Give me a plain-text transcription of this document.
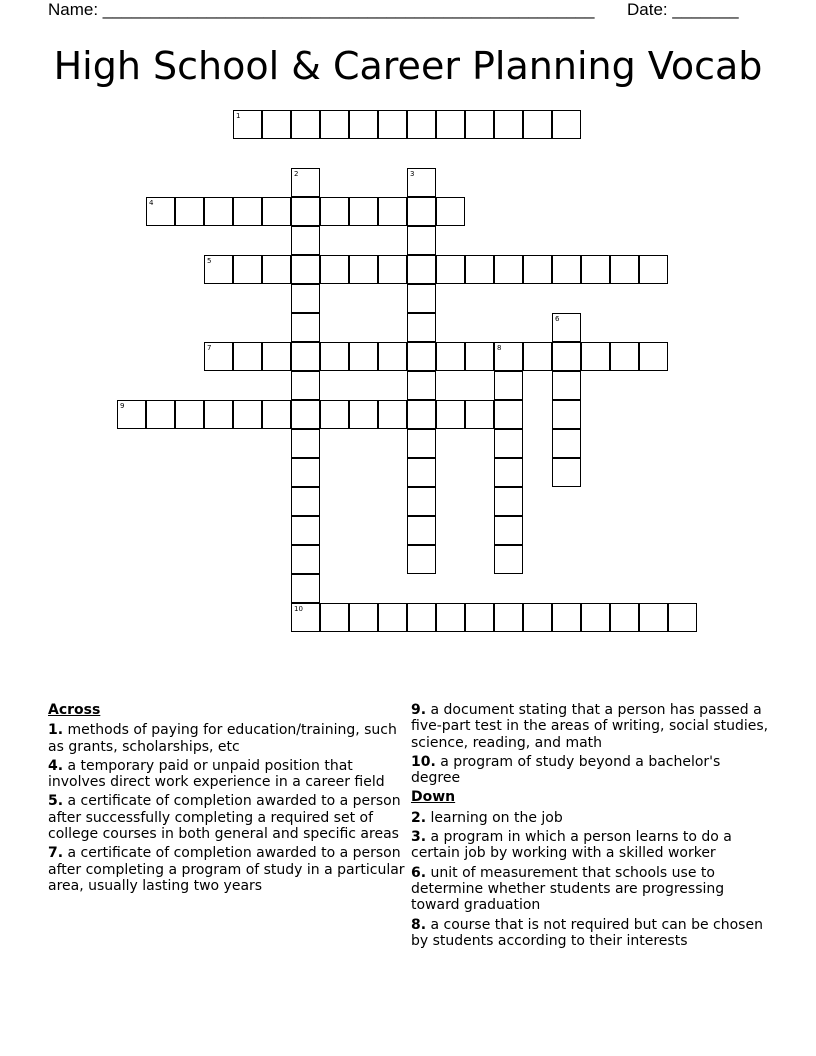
Name: ____________________________________________________ Date: _______
High School & Career Planning Vocab
1
2
10
3
4
5
6
7	8
9
Across
1. methods of paying for education/training, such as grants, scholarships, etc
4. a temporary paid or unpaid position that involves direct work experience in a career field
5. a certificate of completion awarded to a person after successfully completing a required set of college courses in both general and specific areas
7. a certificate of completion awarded to a person after completing a program of study in a particular area, usually lasting two years
9. a document stating that a person has passed a five-part test in the areas of writing, social studies, science, reading, and math
10. a program of study beyond a bachelor's degree
Down
2. learning on the job
3. a program in which a person learns to do a certain job by working with a skilled worker
6. unit of measurement that schools use to determine whether students are progressing toward graduation
8. a course that is not required but can be chosen by students according to their interests
